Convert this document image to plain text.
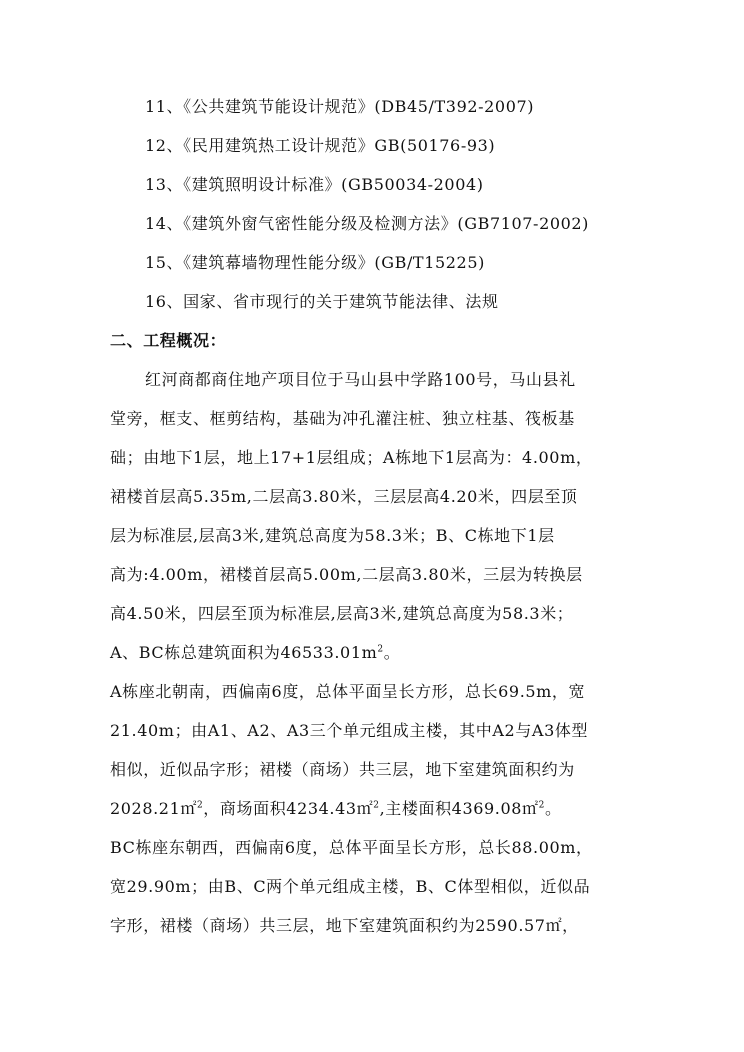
11、《公共建筑节能设计规范》(DB45/T392-2007)
12、《民用建筑热工设计规范》GB(50176-93)
13、《建筑照明设计标准》(GB50034-2004)
14、《建筑外窗气密性能分级及检测方法》(GB7107-2002)
15、《建筑幕墙物理性能分级》(GB/T15225)
16、国家、省市现行的关于建筑节能法律、法规
二、工程概况：
红河商都商住地产项目位于马山县中学路100号，马山县礼
堂旁，框支、框剪结构，基础为冲孔灌注桩、独立柱基、筏板基
础；由地下1层，地上17+1层组成；A栋地下1层高为：4.00m，
裙楼首层高5.35m,二层高3.80米，三层层高4.20米，四层至顶
层为标准层,层高3米,建筑总高度为58.3米；B、C栋地下1层
高为:4.00m，裙楼首层高5.00m,二层高3.80米，三层为转换层
高4.50米，四层至顶为标准层,层高3米,建筑总高度为58.3米；
A、BC栋总建筑面积为$46533.01m^2$。
A栋座北朝南，西偏南6度，总体平面呈长方形，总长69.5m，宽
21.40m；由A1、A2、A3三个单元组成主楼，其中A2与A3体型
相似，近似品字形；裙楼（商场）共三层，地下室建筑面积约为
2028.21㎡$^2$，商场面积4234.43㎡$^2$,主楼面积4369.08㎡$^2$。
BC栋座东朝西，西偏南6度，总体平面呈长方形，总长88.00m，
宽29.90m；由B、C两个单元组成主楼，B、C体型相似，近似品
字形，裙楼（商场）共三层，地下室建筑面积约为2590.57㎡，
